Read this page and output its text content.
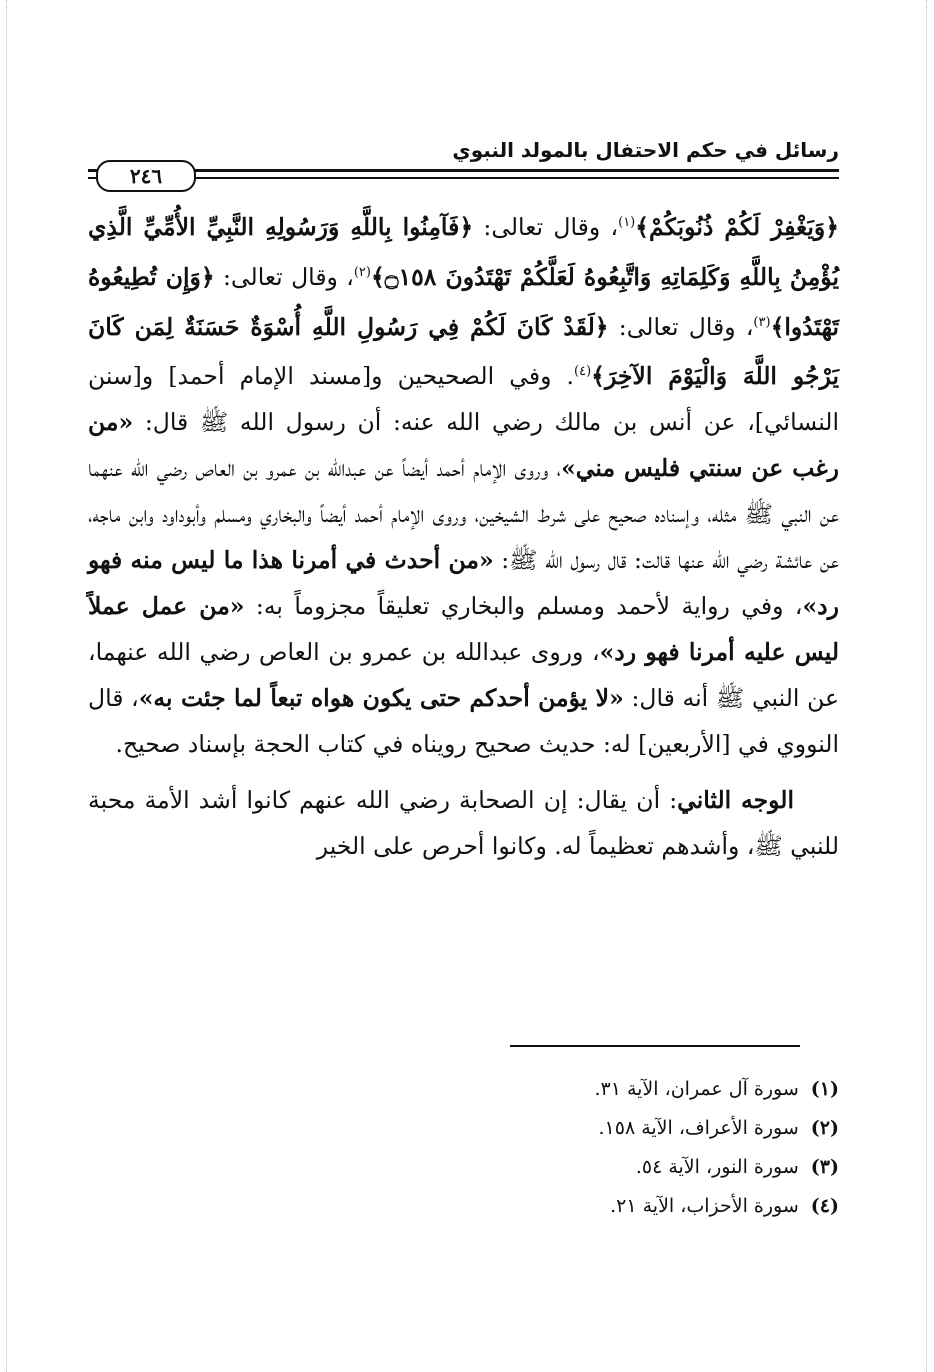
رسائل في حكم الاحتفال بالمولد النبوي
٢٤٦

﴿وَيَغْفِرْ لَكُمْ ذُنُوبَكُمْ﴾$^{(١)}$، وقال تعالى: ﴿فَآمِنُوا بِاللَّهِ وَرَسُولِهِ النَّبِيِّ الأُمِّيِّ الَّذِي يُؤْمِنُ بِاللَّهِ وَكَلِمَاتِهِ وَاتَّبِعُوهُ لَعَلَّكُمْ تَهْتَدُونَ ۝١٥٨﴾$^{(٢)}$، وقال تعالى: ﴿وَإِن تُطِيعُوهُ تَهْتَدُوا﴾$^{(٣)}$، وقال تعالى: ﴿لَقَدْ كَانَ لَكُمْ فِي رَسُولِ اللَّهِ أُسْوَةٌ حَسَنَةٌ لِمَن كَانَ يَرْجُو اللَّهَ وَالْيَوْمَ الآخِرَ﴾$^{(٤)}$. وفي الصحيحين و[مسند الإمام أحمد] و[سنن النسائي]، عن أنس بن مالك رضي الله عنه: أن رسول الله ﷺ قال: «من رغب عن سنتي فليس مني»، وروى الإمام أحمد أيضاً عن عبدالله بن عمرو بن العاص رضي الله عنهما عن النبي ﷺ مثله، وإسناده صحيح على شرط الشيخين، وروى الإمام أحمد أيضاً والبخاري ومسلم وأبوداود وابن ماجه، عن عائشة رضي الله عنها قالت: قال رسول الله ﷺ: «من أحدث في أمرنا هذا ما ليس منه فهو رد»، وفي رواية لأحمد ومسلم والبخاري تعليقاً مجزوماً به: «من عمل عملاً ليس عليه أمرنا فهو رد»، وروى عبدالله بن عمرو بن العاص رضي الله عنهما، عن النبي ﷺ أنه قال: «لا يؤمن أحدكم حتى يكون هواه تبعاً لما جئت به»، قال النووي في [الأربعين] له: حديث صحيح رويناه في كتاب الحجة بإسناد صحيح.

الوجه الثاني: أن يقال: إن الصحابة رضي الله عنهم كانوا أشد الأمة محبة للنبي ﷺ، وأشدهم تعظيماً له. وكانوا أحرص على الخير

(١)سورة آل عمران، الآية ٣١.
(٢)سورة الأعراف، الآية ١٥٨.
(٣)سورة النور، الآية ٥٤.
(٤)سورة الأحزاب، الآية ٢١.
